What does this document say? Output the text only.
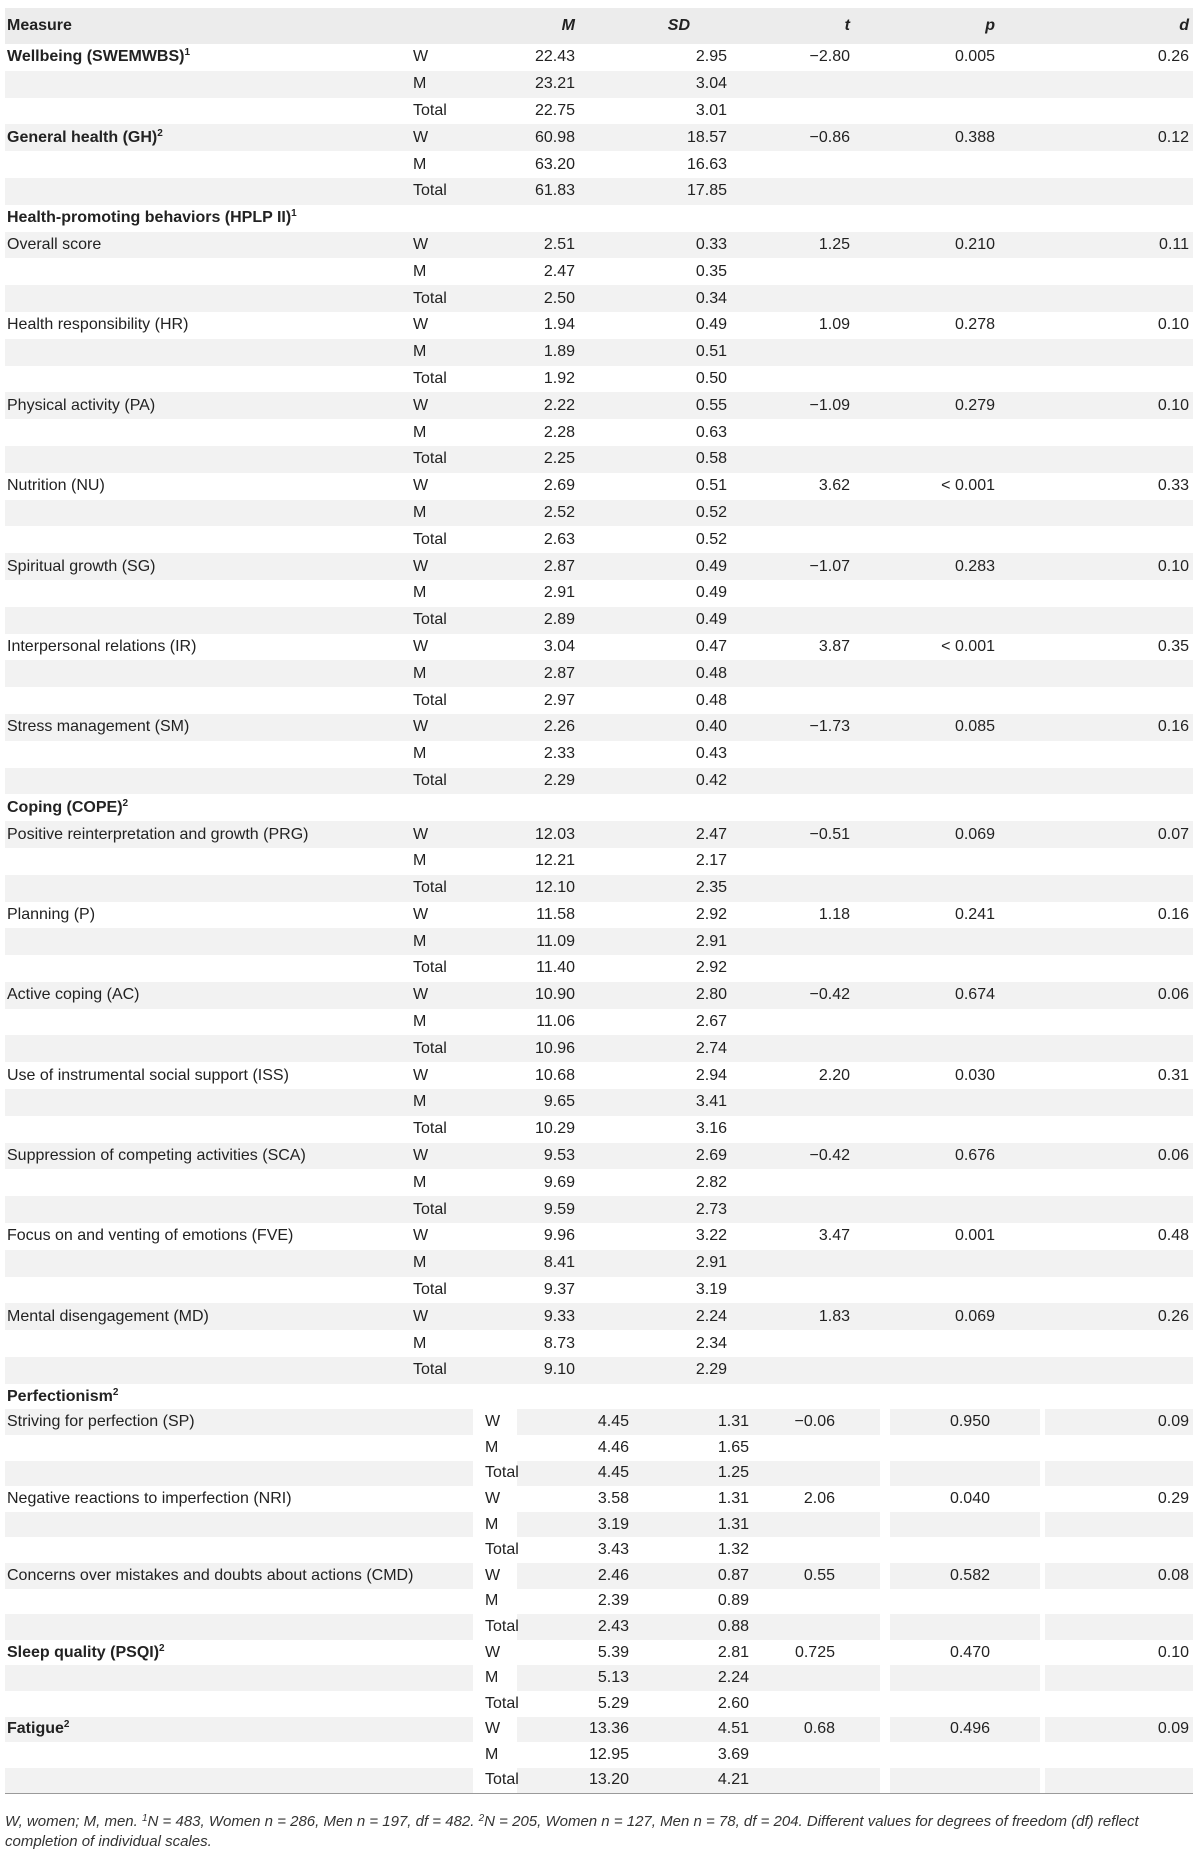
Measure		M	SD	t	p	d
Wellbeing (SWEMWBS)$^1$	W	22.43	2.95	−2.80	0.005	0.26
	M	23.21	3.04			
	Total	22.75	3.01			
General health (GH)$^2$	W	60.98	18.57	−0.86	0.388	0.12
	M	63.20	16.63			
	Total	61.83	17.85			
Health-promoting behaviors (HPLP II)$^1$
Overall score	W	2.51	0.33	1.25	0.210	0.11
	M	2.47	0.35			
	Total	2.50	0.34			
Health responsibility (HR)	W	1.94	0.49	1.09	0.278	0.10
	M	1.89	0.51			
	Total	1.92	0.50			
Physical activity (PA)	W	2.22	0.55	−1.09	0.279	0.10
	M	2.28	0.63			
	Total	2.25	0.58			
Nutrition (NU)	W	2.69	0.51	3.62	< 0.001	0.33
	M	2.52	0.52			
	Total	2.63	0.52			
Spiritual growth (SG)	W	2.87	0.49	−1.07	0.283	0.10
	M	2.91	0.49			
	Total	2.89	0.49			
Interpersonal relations (IR)	W	3.04	0.47	3.87	< 0.001	0.35
	M	2.87	0.48			
	Total	2.97	0.48			
Stress management (SM)	W	2.26	0.40	−1.73	0.085	0.16
	M	2.33	0.43			
	Total	2.29	0.42			
Coping (COPE)$^2$
Positive reinterpretation and growth (PRG)	W	12.03	2.47	−0.51	0.069	0.07
	M	12.21	2.17			
	Total	12.10	2.35			
Planning (P)	W	11.58	2.92	1.18	0.241	0.16
	M	11.09	2.91			
	Total	11.40	2.92			
Active coping (AC)	W	10.90	2.80	−0.42	0.674	0.06
	M	11.06	2.67			
	Total	10.96	2.74			
Use of instrumental social support (ISS)	W	10.68	2.94	2.20	0.030	0.31
	M	9.65	3.41			
	Total	10.29	3.16			
Suppression of competing activities (SCA)	W	9.53	2.69	−0.42	0.676	0.06
	M	9.69	2.82			
	Total	9.59	2.73			
Focus on and venting of emotions (FVE)	W	9.96	3.22	3.47	0.001	0.48
	M	8.41	2.91			
	Total	9.37	3.19			
Mental disengagement (MD)	W	9.33	2.24	1.83	0.069	0.26
	M	8.73	2.34			
	Total	9.10	2.29			
Perfectionism$^2$
Striving for perfection (SP)	W	4.45	1.31	−0.06	0.950	0.09
	M	4.46	1.65			
	Total	4.45	1.25			
Negative reactions to imperfection (NRI)	W	3.58	1.31	2.06	0.040	0.29
	M	3.19	1.31			
	Total	3.43	1.32			
Concerns over mistakes and doubts about actions (CMD)	W	2.46	0.87	0.55	0.582	0.08
	M	2.39	0.89			
	Total	2.43	0.88			
Sleep quality (PSQI)$^2$	W	5.39	2.81	0.725	0.470	0.10
	M	5.13	2.24			
	Total	5.29	2.60			
Fatigue$^2$	W	13.36	4.51	0.68	0.496	0.09
	M	12.95	3.69			
	Total	13.20	4.21			
W, women; M, men. $^1$N = 483, Women n = 286, Men n = 197, df = 482. $^2$N = 205, Women n = 127, Men n = 78, df = 204. Different values for degrees of freedom (df) reflect completion of individual scales.
